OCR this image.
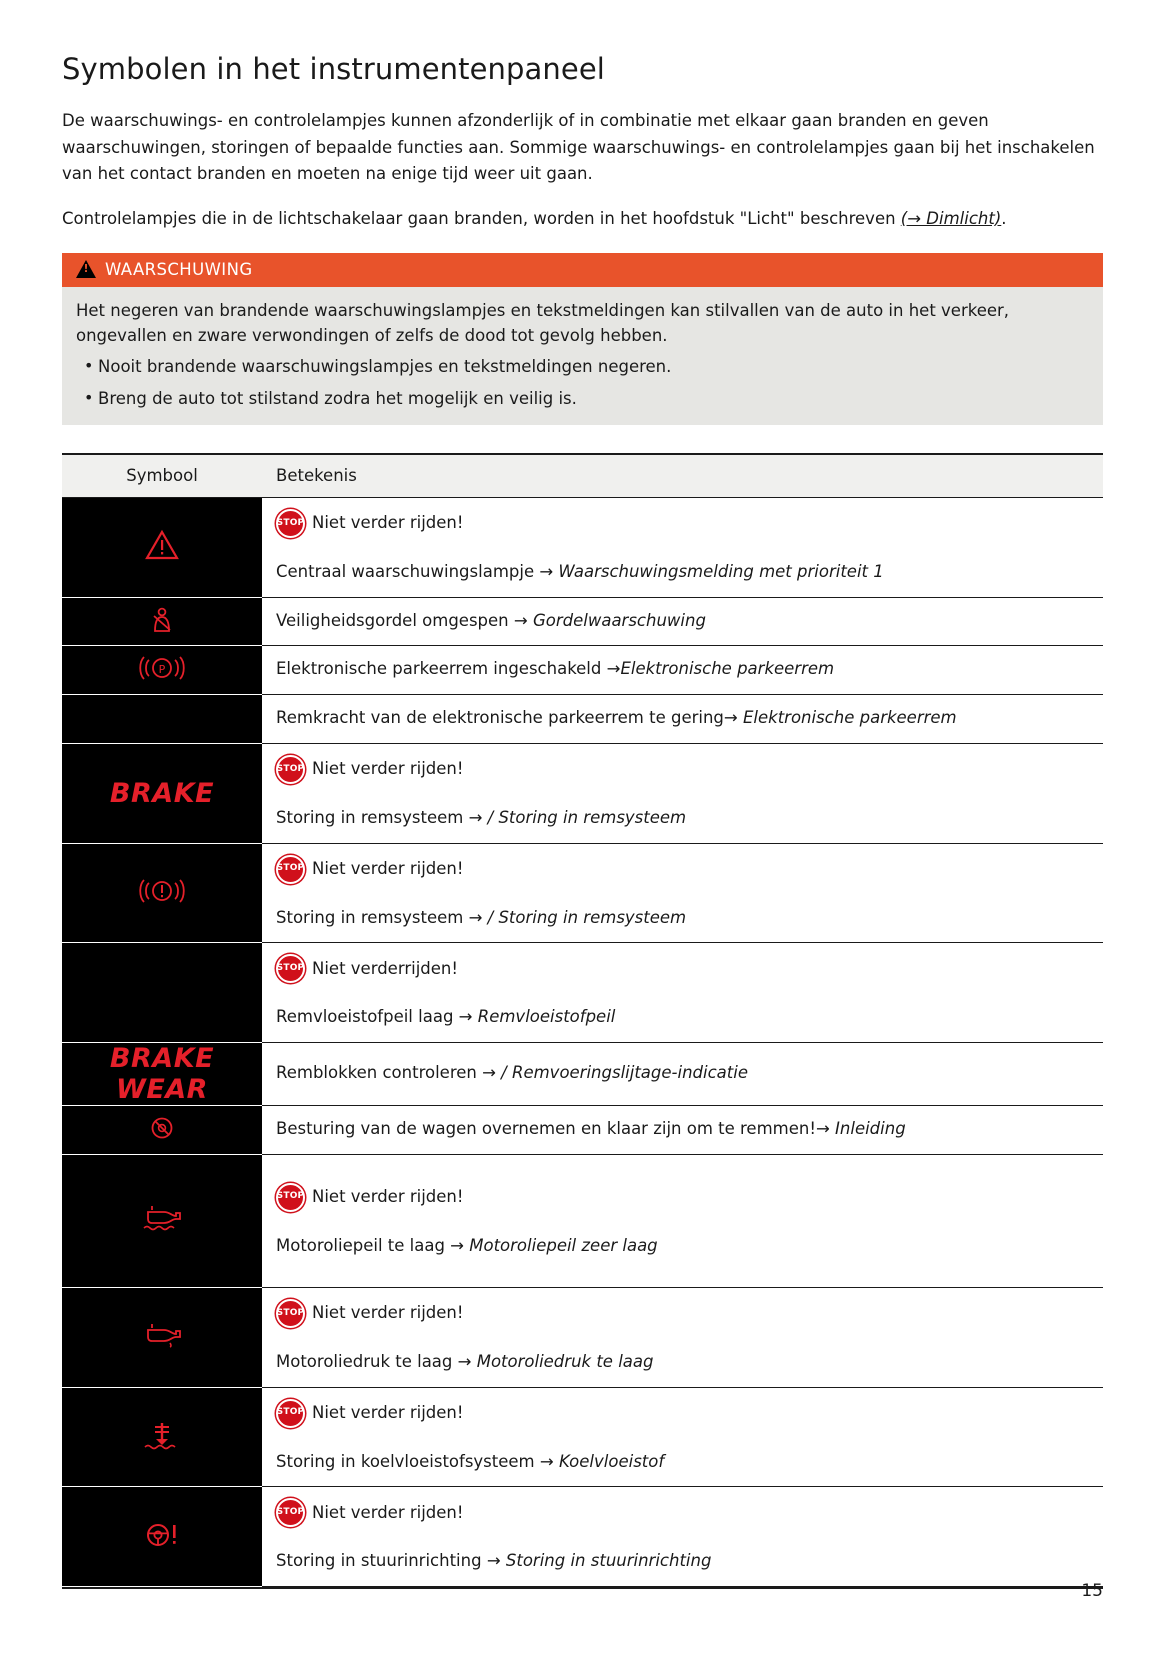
Symbolen in het instrumentenpaneel

De waarschuwings- en controlelampjes kunnen afzonderlijk of in combinatie met elkaar gaan branden en geven waarschuwingen, storingen of bepaalde functies aan. Sommige waarschuwings- en controlelampjes gaan bij het inschakelen van het contact branden en moeten na enige tijd weer uit gaan.

Controlelampjes die in de lichtschakelaar gaan branden, worden in het hoofdstuk "Licht" beschreven (→ Dimlicht).

!
WAARSCHUWING
Het negeren van brandende waarschuwingslampjes en tekstmeldingen kan stilvallen van de auto in het verkeer, ongevallen en zware verwondingen of zelfs de dood tot gevolg hebben.
• Nooit brandende waarschuwingslampjes en tekstmeldingen negeren.
• Breng de auto tot stilstand zodra het mogelijk en veilig is.
Symbool	Betekenis

STOP Niet verder rijden!
Centraal waarschuwingslampje → Waarschuwingsmelding met prioriteit 1

Veiligheidsgordel omgespen → Gordelwaarschuwing

P	Elektronische parkeerrem ingeschakeld →Elektronische parkeerrem

	Remkracht van de elektronische parkeerrem te gering→ Elektronische parkeerrem

BRAKE	STOP Niet verder rijden!
Storing in remsysteem → / Storing in remsysteem

STOP Niet verder rijden!
Storing in remsysteem → / Storing in remsysteem

STOP Niet verderrijden!
Remvloeistofpeil laag → Remvloeistofpeil

BRAKE WEAR	Remblokken controleren → / Remvoeringslijtage-indicatie

Besturing van de wagen overnemen en klaar zijn om te remmen!→ Inleiding

STOP Niet verder rijden!
Motoroliepeil te laag → Motoroliepeil zeer laag

STOP Niet verder rijden!
Motoroliedruk te laag → Motoroliedruk te laag

STOP Niet verder rijden!
Storing in koelvloeistofsysteem → Koelvloeistof

STOP Niet verder rijden!
Storing in stuurinrichting → Storing in stuurinrichting
15
